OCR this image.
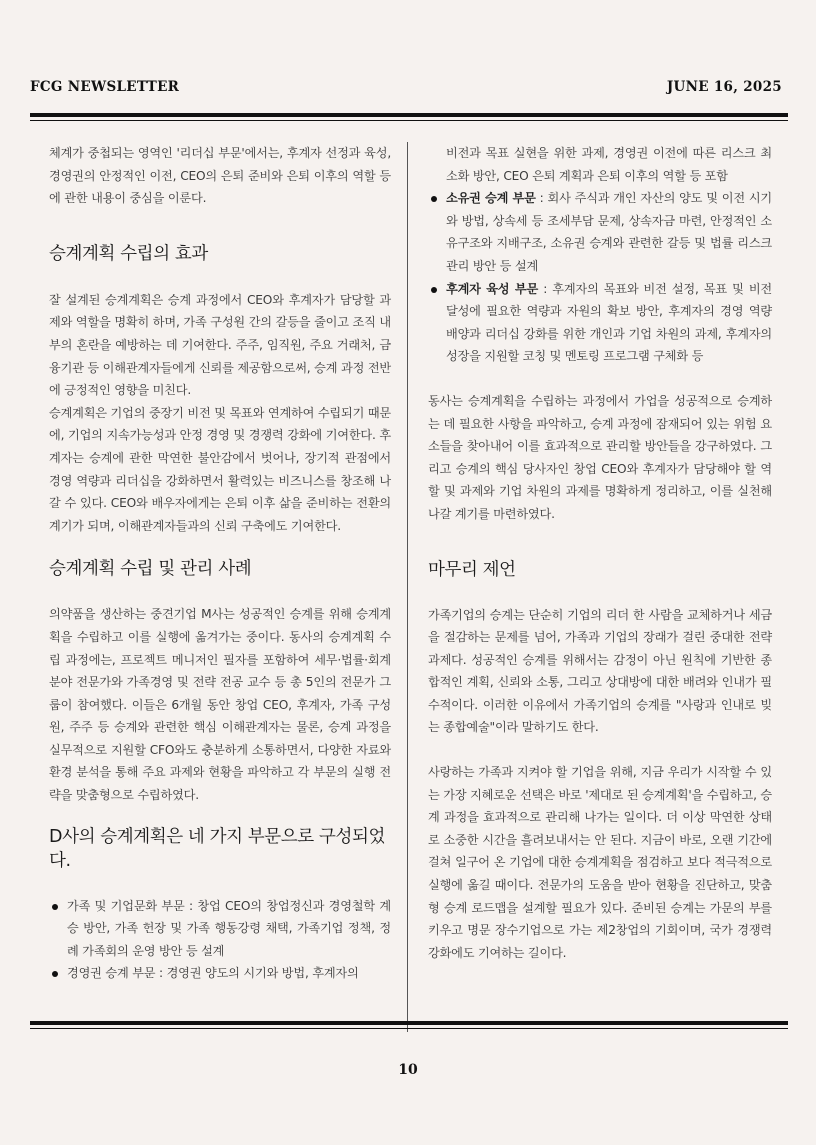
FCG NEWSLETTER	JUNE 16, 2025

체계가 중첩되는 영역인 '리더십 부문'에서는, 후계자 선정과 육성, 경영권의 안정적인 이전, CEO의 은퇴 준비와 은퇴 이후의 역할 등에 관한 내용이 중심을 이룬다.

승계계획 수립의 효과

잘 설계된 승계계획은 승계 과정에서 CEO와 후계자가 담당할 과제와 역할을 명확히 하며, 가족 구성원 간의 갈등을 줄이고 조직 내부의 혼란을 예방하는 데 기여한다. 주주, 임직원, 주요 거래처, 금융기관 등 이해관계자들에게 신뢰를 제공함으로써, 승계 과정 전반에 긍정적인 영향을 미친다.

승계계획은 기업의 중장기 비전 및 목표와 연계하여 수립되기 때문에, 기업의 지속가능성과 안정 경영 및 경쟁력 강화에 기여한다. 후계자는 승계에 관한 막연한 불안감에서 벗어나, 장기적 관점에서 경영 역량과 리더십을 강화하면서 활력있는 비즈니스를 창조해 나갈 수 있다. CEO와 배우자에게는 은퇴 이후 삶을 준비하는 전환의 계기가 되며, 이해관계자들과의 신뢰 구축에도 기여한다.

승계계획 수립 및 관리 사례

의약품을 생산하는 중견기업 M사는 성공적인 승계를 위해 승계계획을 수립하고 이를 실행에 옮겨가는 중이다. 동사의 승계계획 수립 과정에는, 프로젝트 메니저인 필자를 포함하여 세무·법률·회계 분야 전문가와 가족경영 및 전략 전공 교수 등 총 5인의 전문가 그룹이 참여했다. 이들은 6개월 동안 창업 CEO, 후계자, 가족 구성원, 주주 등 승계와 관련한 핵심 이해관계자는 물론, 승계 과정을 실무적으로 지원할 CFO와도 충분하게 소통하면서, 다양한 자료와 환경 분석을 통해 주요 과제와 현황을 파악하고 각 부문의 실행 전략을 맞춤형으로 수립하였다.

D사의 승계계획은 네 가지 부문으로 구성되었다.
가족 및 기업문화 부문 : 창업 CEO의 창업정신과 경영철학 계승 방안, 가족 헌장 및 가족 행동강령 채택, 가족기업 정책, 정례 가족회의 운영 방안 등 설계
경영권 승계 부문 : 경영권 양도의 시기와 방법, 후계자의

비전과 목표 실현을 위한 과제, 경영권 이전에 따른 리스크 최소화 방안, CEO 은퇴 계획과 은퇴 이후의 역할 등 포함

소유권 승계 부문 : 회사 주식과 개인 자산의 양도 및 이전 시기와 방법, 상속세 등 조세부담 문제, 상속자금 마련, 안정적인 소유구조와 지배구조, 소유권 승계와 관련한 갈등 및 법률 리스크 관리 방안 등 설계
후계자 육성 부문 : 후계자의 목표와 비전 설정, 목표 및 비전 달성에 필요한 역량과 자원의 확보 방안, 후계자의 경영 역량 배양과 리더십 강화를 위한 개인과 기업 차원의 과제, 후계자의 성장을 지원할 코칭 및 멘토링 프로그램 구체화 등

동사는 승계계획을 수립하는 과정에서 가업을 성공적으로 승계하는 데 필요한 사항을 파악하고, 승계 과정에 잠재되어 있는 위험 요소들을 찾아내어 이를 효과적으로 관리할 방안들을 강구하였다. 그리고 승계의 핵심 당사자인 창업 CEO와 후계자가 담당해야 할 역할 및 과제와 기업 차원의 과제를 명확하게 정리하고, 이를 실천해 나갈 계기를 마련하였다.

마무리 제언

가족기업의 승계는 단순히 기업의 리더 한 사람을 교체하거나 세금을 절감하는 문제를 넘어, 가족과 기업의 장래가 걸린 중대한 전략과제다. 성공적인 승계를 위해서는 감정이 아닌 원칙에 기반한 종합적인 계획, 신뢰와 소통, 그리고 상대방에 대한 배려와 인내가 필수적이다. 이러한 이유에서 가족기업의 승계를 "사랑과 인내로 빚는 종합예술"이라 말하기도 한다.

사랑하는 가족과 지켜야 할 기업을 위해, 지금 우리가 시작할 수 있는 가장 지혜로운 선택은 바로 '제대로 된 승계계획'을 수립하고, 승계 과정을 효과적으로 관리해 나가는 일이다. 더 이상 막연한 상태로 소중한 시간을 흘려보내서는 안 된다. 지금이 바로, 오랜 기간에 걸쳐 일구어 온 기업에 대한 승계계획을 점검하고 보다 적극적으로 실행에 옮길 때이다. 전문가의 도움을 받아 현황을 진단하고, 맞춤형 승계 로드맵을 설계할 필요가 있다. 준비된 승계는 가문의 부를 키우고 명문 장수기업으로 가는 제2창업의 기회이며, 국가 경쟁력 강화에도 기여하는 길이다.

10
